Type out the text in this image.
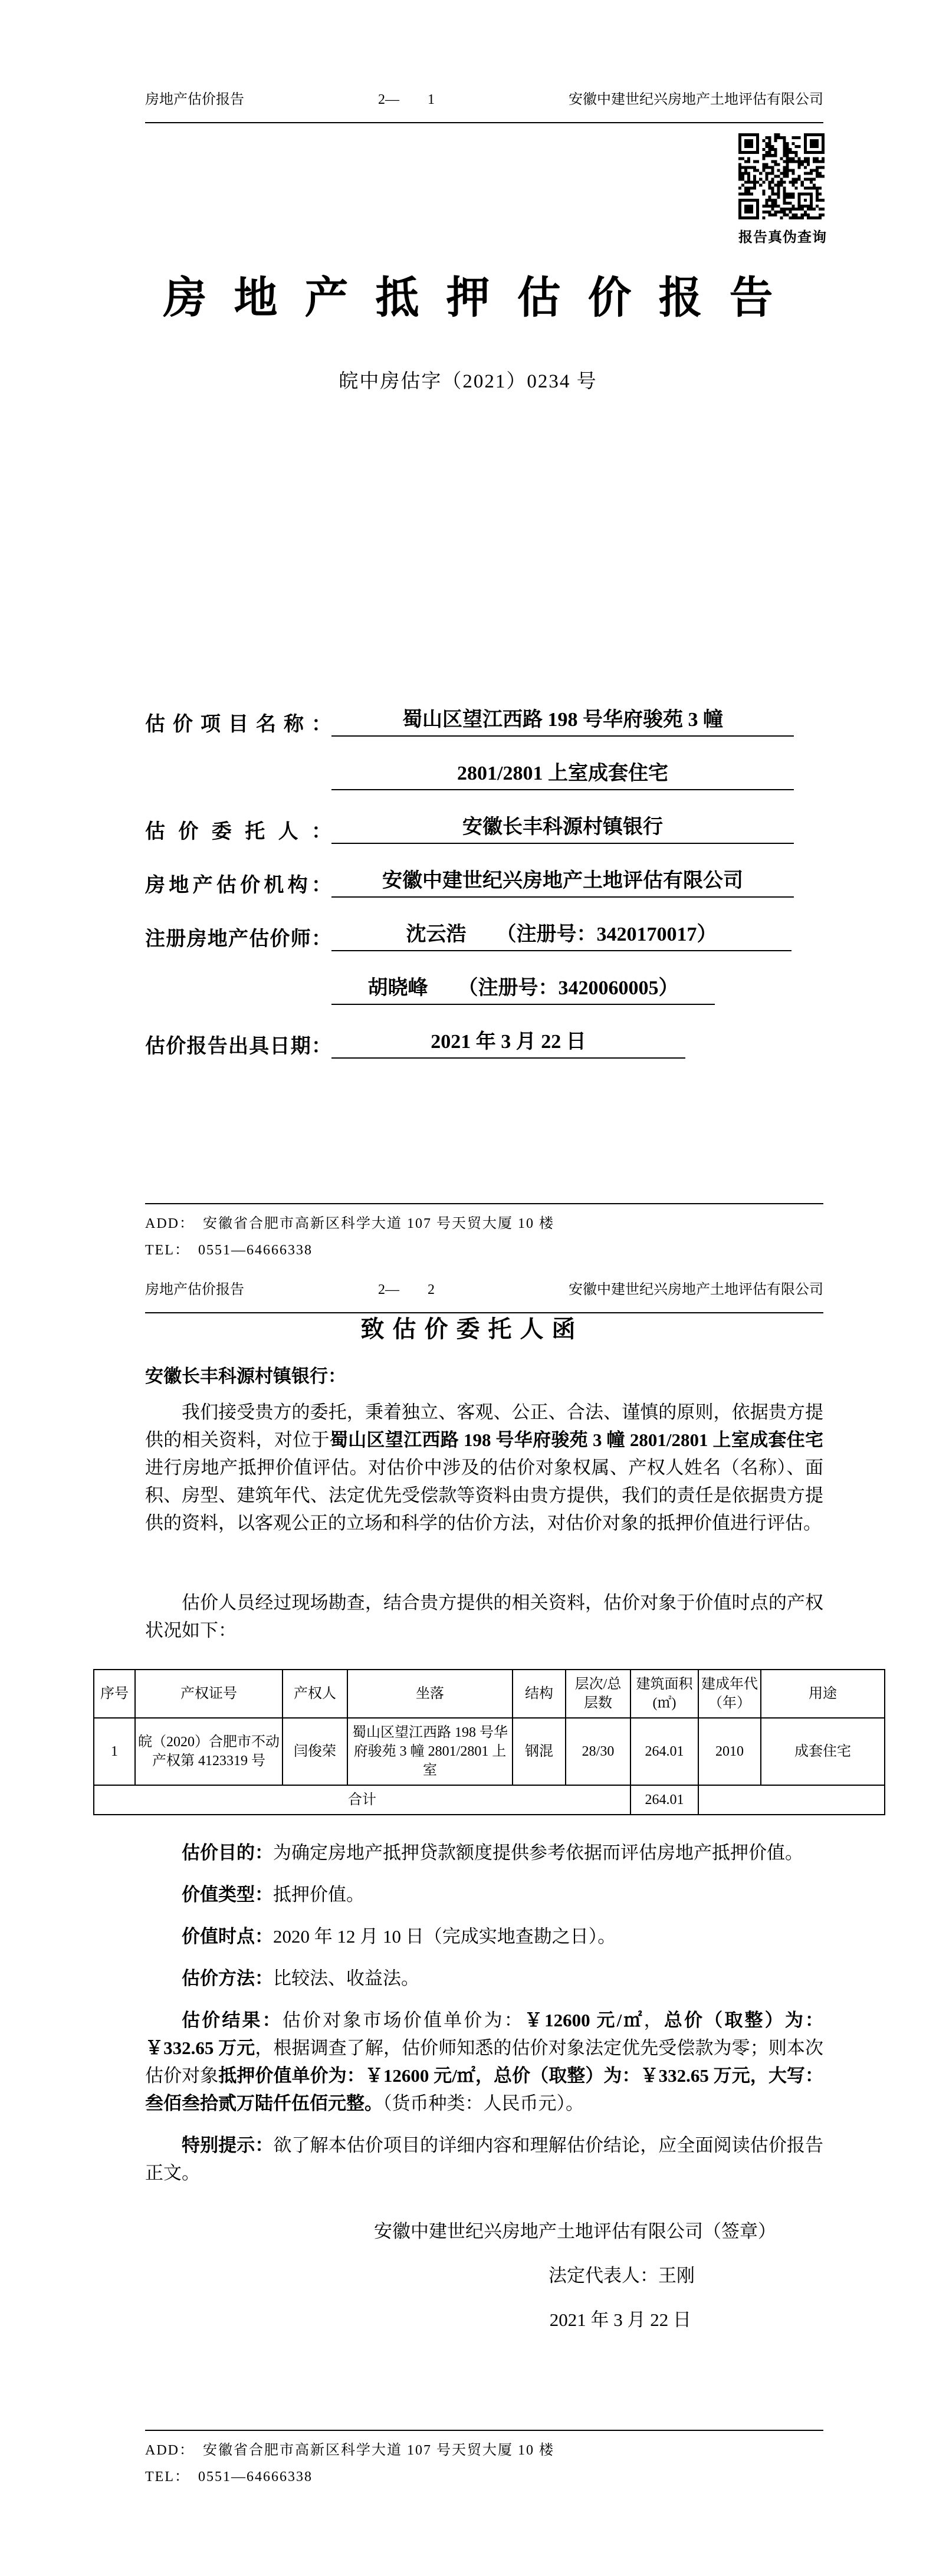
房地产估价报告	2—　　1	安徽中建世纪兴房地产土地评估有限公司
报告真伪查询
房地产抵押估价报告
皖中房估字（2021）0234 号
估价项目名称：	蜀山区望江西路 198 号华府骏苑 3 幢
2801/2801 上室成套住宅
估价委托人：	安徽长丰科源村镇银行
房地产估价机构：	安徽中建世纪兴房地产土地评估有限公司
注册房地产估价师：	沈云浩　　（注册号：3420170017）
胡晓峰　　（注册号：3420060005）
估价报告出具日期：	2021 年 3 月 22 日
ADD：　安徽省合肥市高新区科学大道 107 号天贸大厦 10 楼
TEL：　0551—64666338
房地产估价报告	2—　　2	安徽中建世纪兴房地产土地评估有限公司
致估价委托人函
安徽长丰科源村镇银行：

我们接受贵方的委托，秉着独立、客观、公正、合法、谨慎的原则，依据贵方提供的相关资料，对位于蜀山区望江西路 198 号华府骏苑 3 幢 2801/2801 上室成套住宅进行房地产抵押价值评估。对估价中涉及的估价对象权属、产权人姓名（名称）、面积、房型、建筑年代、法定优先受偿款等资料由贵方提供，我们的责任是依据贵方提供的资料，以客观公正的立场和科学的估价方法，对估价对象的抵押价值进行评估。

估价人员经过现场勘查，结合贵方提供的相关资料，估价对象于价值时点的产权状况如下：

序号	产权证号	产权人	坐落	结构	层次/总层数	建筑面积(㎡)	建成年代（年）	用途
1	皖（2020）合肥市不动产权第 4123319 号	闫俊荣	蜀山区望江西路 198 号华府骏苑 3 幢 2801/2801 上室	钢混	28/30	264.01	2010	成套住宅
合计						264.01		

估价目的：为确定房地产抵押贷款额度提供参考依据而评估房地产抵押价值。

价值类型：抵押价值。

价值时点：2020 年 12 月 10 日（完成实地查勘之日）。

估价方法：比较法、收益法。

估价结果：估价对象市场价值单价为：￥12600 元/㎡，总价（取整）为：￥332.65 万元，根据调查了解，估价师知悉的估价对象法定优先受偿款为零；则本次估价对象抵押价值单价为：￥12600 元/㎡，总价（取整）为：￥332.65 万元，大写：叁佰叁拾贰万陆仟伍佰元整。（货币种类：人民币元）。

特别提示：欲了解本估价项目的详细内容和理解估价结论，应全面阅读估价报告正文。

安徽中建世纪兴房地产土地评估有限公司（签章）
法定代表人：王刚
2021 年 3 月 22 日
ADD：　安徽省合肥市高新区科学大道 107 号天贸大厦 10 楼
TEL：　0551—64666338
